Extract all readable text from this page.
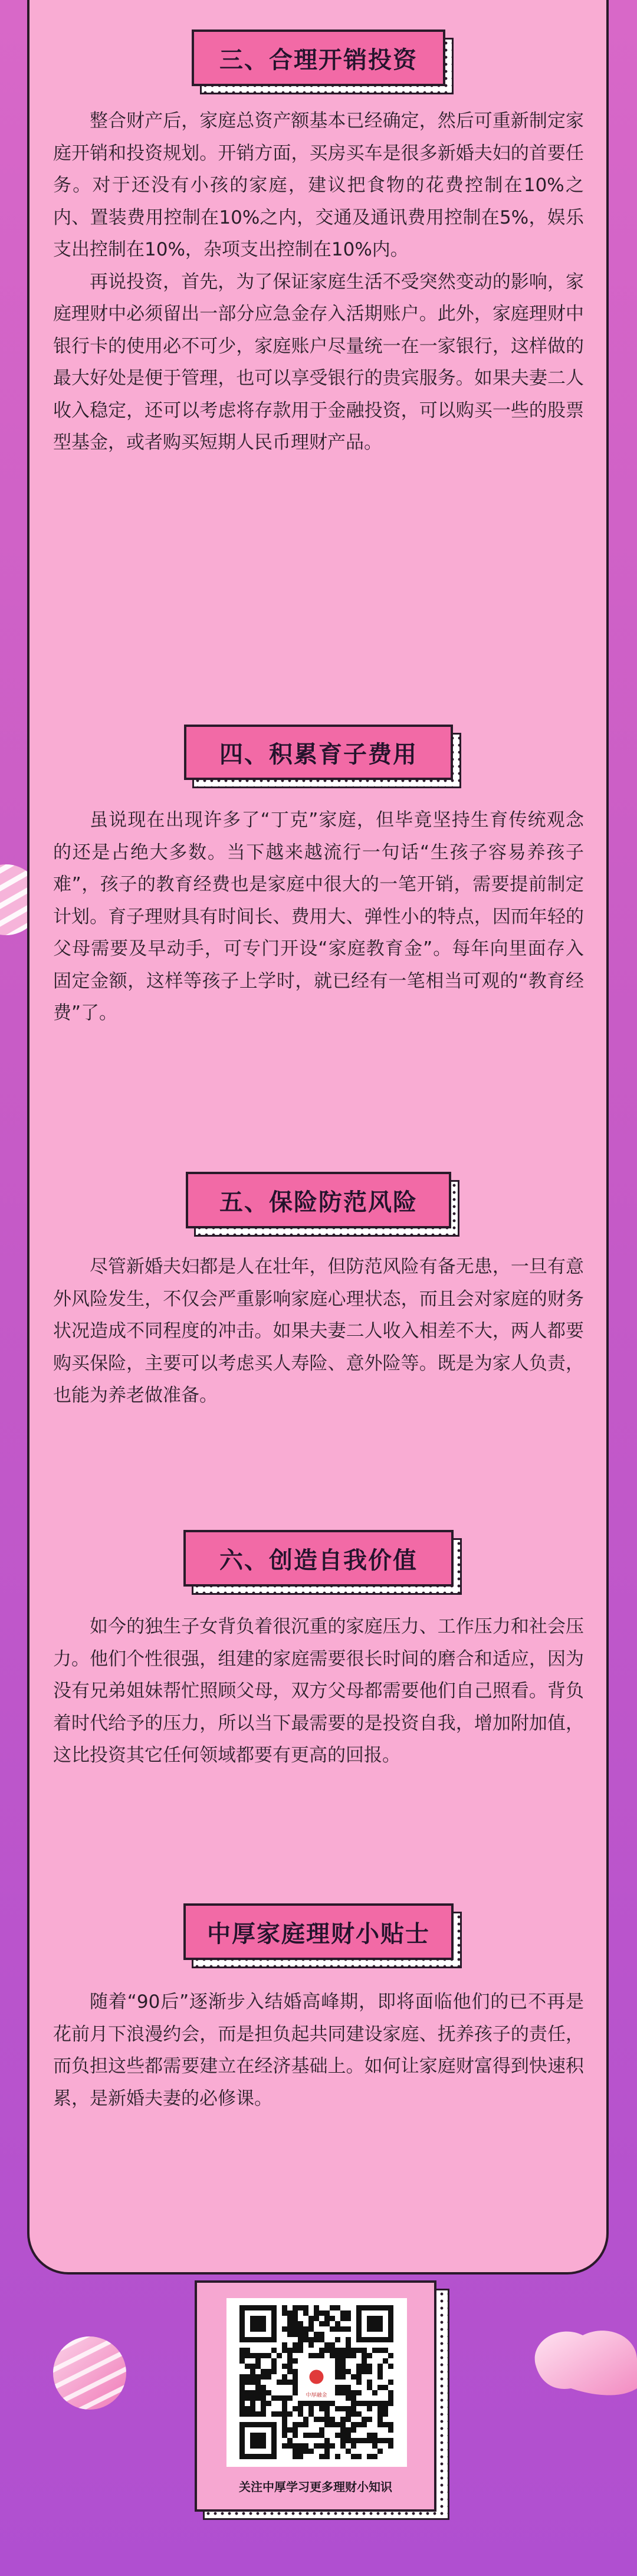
三、合理开销投资
四、积累育子费用
五、保险防范风险
六、创造自我价值
中厚家庭理财小贴士

整合财产后，家庭总资产额基本已经确定，然后可重新制定家庭开销和投资规划。开销方面，买房买车是很多新婚夫妇的首要任务。对于还没有小孩的家庭，建议把食物的花费控制在10%之内、置装费用控制在10%之内，交通及通讯费用控制在5%，娱乐支出控制在10%，杂项支出控制在10%内。

再说投资，首先，为了保证家庭生活不受突然变动的影响，家庭理财中必须留出一部分应急金存入活期账户。此外，家庭理财中银行卡的使用必不可少，家庭账户尽量统一在一家银行，这样做的最大好处是便于管理，也可以享受银行的贵宾服务。如果夫妻二人收入稳定，还可以考虑将存款用于金融投资，可以购买一些的股票型基金，或者购买短期人民币理财产品。

虽说现在出现许多了“丁克”家庭，但毕竟坚持生育传统观念的还是占绝大多数。当下越来越流行一句话“生孩子容易养孩子难”，孩子的教育经费也是家庭中很大的一笔开销，需要提前制定计划。育子理财具有时间长、费用大、弹性小的特点，因而年轻的父母需要及早动手，可专门开设“家庭教育金”。每年向里面存入固定金额，这样等孩子上学时，就已经有一笔相当可观的“教育经费”了。

尽管新婚夫妇都是人在壮年，但防范风险有备无患，一旦有意外风险发生，不仅会严重影响家庭心理状态，而且会对家庭的财务状况造成不同程度的冲击。如果夫妻二人收入相差不大，两人都要购买保险，主要可以考虑买人寿险、意外险等。既是为家人负责，也能为养老做准备。

如今的独生子女背负着很沉重的家庭压力、工作压力和社会压力。他们个性很强，组建的家庭需要很长时间的磨合和适应，因为没有兄弟姐妹帮忙照顾父母，双方父母都需要他们自己照看。背负着时代给予的压力，所以当下最需要的是投资自我，增加附加值，这比投资其它任何领域都要有更高的回报。

随着“90后”逐渐步入结婚高峰期，即将面临他们的已不再是花前月下浪漫约会，而是担负起共同建设家庭、抚养孩子的责任，而负担这些都需要建立在经济基础上。如何让家庭财富得到快速积累，是新婚夫妻的必修课。

中厚融金
关注中厚学习更多理财小知识
